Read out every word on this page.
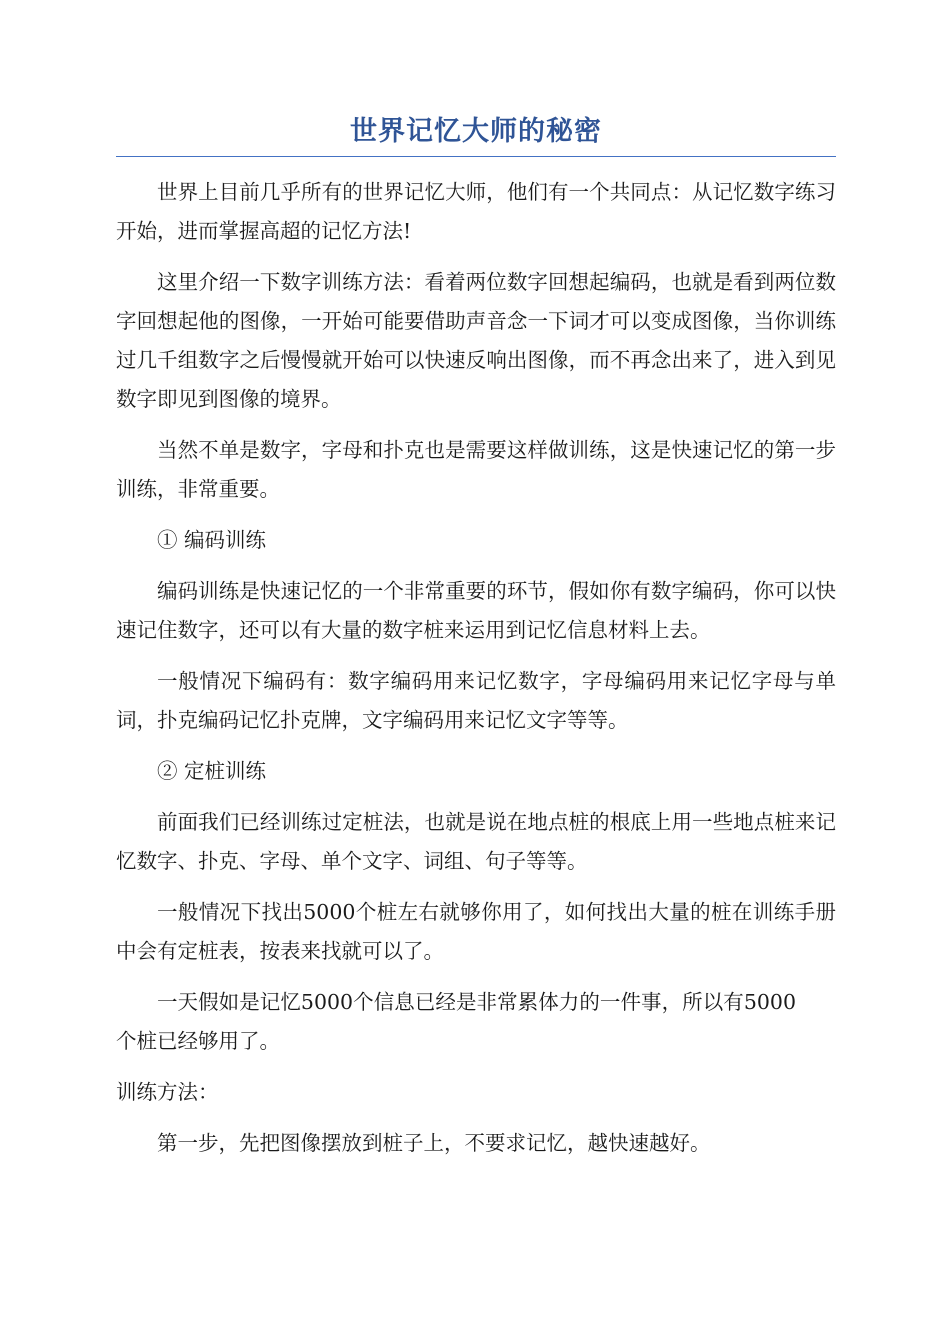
世界记忆大师的秘密

世界上目前几乎所有的世界记忆大师，他们有一个共同点：从记忆数字练习开始，进而掌握高超的记忆方法!

这里介绍一下数字训练方法：看着两位数字回想起编码，也就是看到两位数字回想起他的图像，一开始可能要借助声音念一下词才可以变成图像，当你训练过几千组数字之后慢慢就开始可以快速反响出图像，而不再念出来了，进入到见数字即见到图像的境界。

当然不单是数字，字母和扑克也是需要这样做训练，这是快速记忆的第一步训练，非常重要。

① 编码训练

编码训练是快速记忆的一个非常重要的环节，假如你有数字编码，你可以快速记住数字，还可以有大量的数字桩来运用到记忆信息材料上去。

一般情况下编码有：数字编码用来记忆数字，字母编码用来记忆字母与单词，扑克编码记忆扑克牌，文字编码用来记忆文字等等。

② 定桩训练

前面我们已经训练过定桩法，也就是说在地点桩的根底上用一些地点桩来记忆数字、扑克、字母、单个文字、词组、句子等等。

一般情况下找出5000个桩左右就够你用了，如何找出大量的桩在训练手册中会有定桩表，按表来找就可以了。

一天假如是记忆5000个信息已经是非常累体力的一件事，所以有5000个桩已经够用了。

训练方法：

第一步，先把图像摆放到桩子上，不要求记忆，越快速越好。
